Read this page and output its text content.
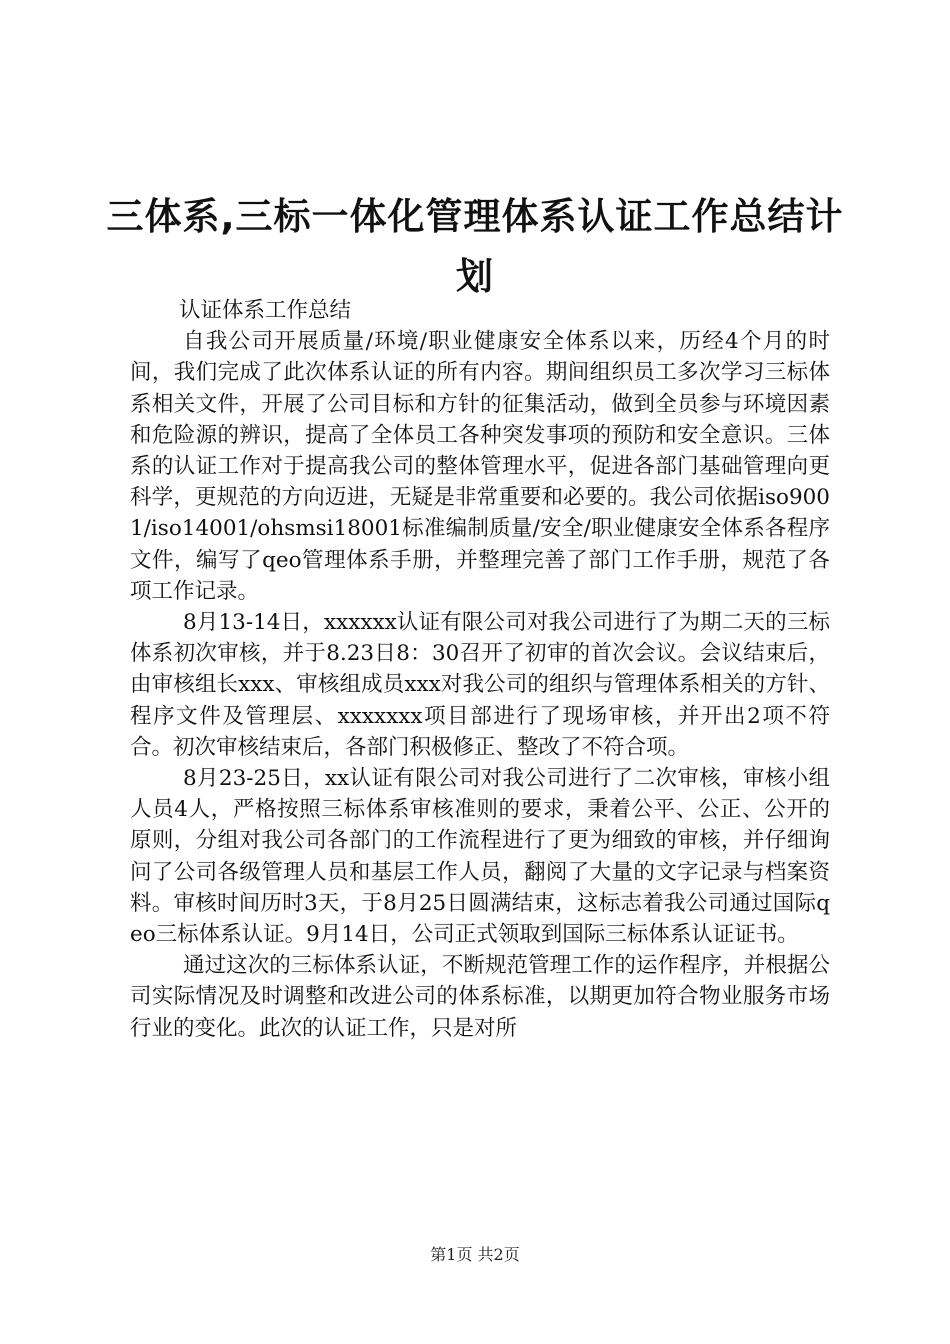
三体系,三标一体化管理体系认证工作总结计
划

认证体系工作总结

自我公司开展质量/环境/职业健康安全体系以来，历经4个月的时间，我们完成了此次体系认证的所有内容。期间组织员工多次学习三标体系相关文件，开展了公司目标和方针的征集活动，做到全员参与环境因素和危险源的辨识，提高了全体员工各种突发事项的预防和安全意识。三体系的认证工作对于提高我公司的整体管理水平，促进各部门基础管理向更科学，更规范的方向迈进，无疑是非常重要和必要的。我公司依据iso9001/iso14001/ohsmsi18001标准编制质量/安全/职业健康安全体系各程序文件，编写了qeo管理体系手册，并整理完善了部门工作手册，规范了各项工作记录。

8月13-14日，xxxxxx认证有限公司对我公司进行了为期二天的三标体系初次审核，并于8.23日8：30召开了初审的首次会议。会议结束后，由审核组长xxx、审核组成员xxx对我公司的组织与管理体系相关的方针、程序文件及管理层、xxxxxxx项目部进行了现场审核，并开出2项不符合。初次审核结束后，各部门积极修正、整改了不符合项。

8月23-25日，xx认证有限公司对我公司进行了二次审核，审核小组人员4人，严格按照三标体系审核准则的要求，秉着公平、公正、公开的原则，分组对我公司各部门的工作流程进行了更为细致的审核，并仔细询问了公司各级管理人员和基层工作人员，翻阅了大量的文字记录与档案资料。审核时间历时3天，于8月25日圆满结束，这标志着我公司通过国际qeo三标体系认证。9月14日，公司正式领取到国际三标体系认证证书。

通过这次的三标体系认证，不断规范管理工作的运作程序，并根据公司实际情况及时调整和改进公司的体系标准，以期更加符合物业服务市场行业的变化。此次的认证工作，只是对所

第1页 共2页
